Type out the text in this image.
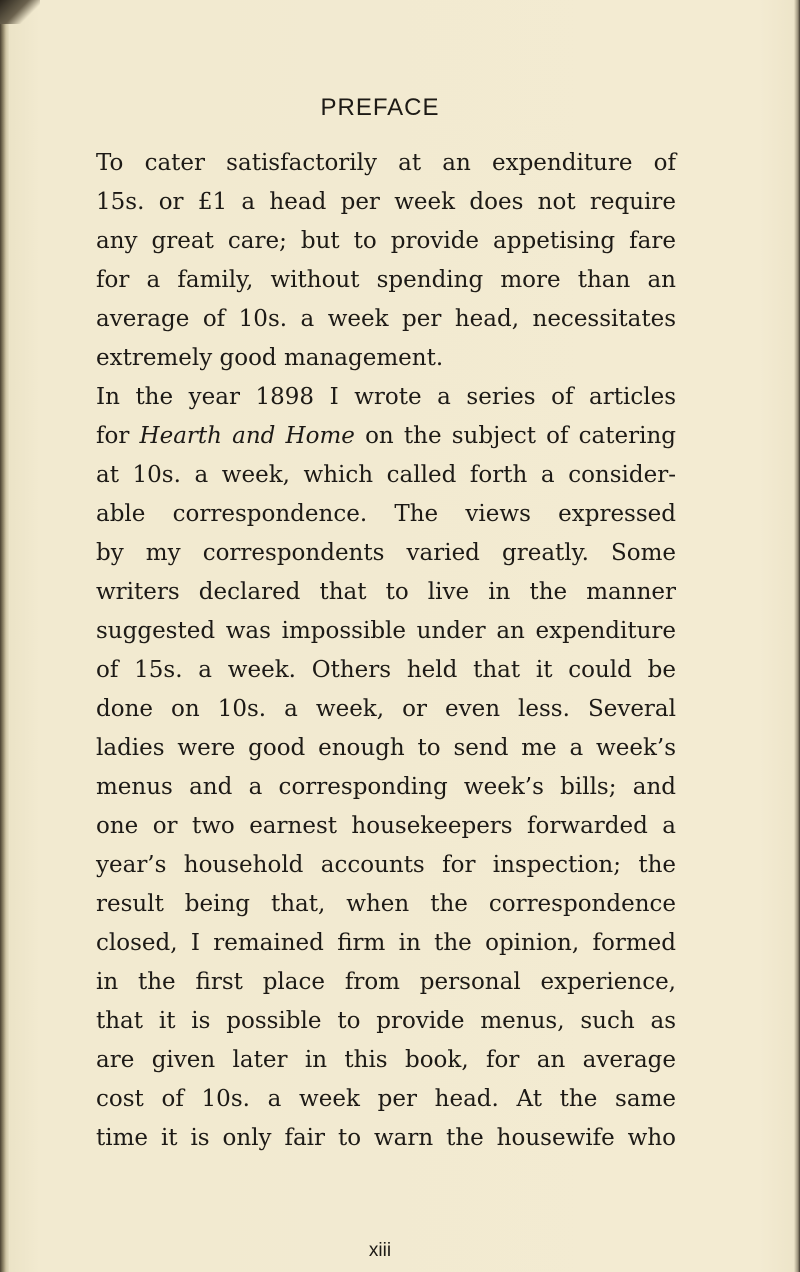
PREFACE
To cater satisfactorily at an expenditure of
15s. or £1 a head per week does not require
any great care; but to provide appetising fare
for a family, without spending more than an
average of 10s. a week per head, necessitates
extremely good management.
In the year 1898 I wrote a series of articles
for Hearth and Home on the subject of catering
at 10s. a week, which called forth a consider-
able correspondence. The views expressed
by my correspondents varied greatly. Some
writers declared that to live in the manner
suggested was impossible under an expenditure
of 15s. a week. Others held that it could be
done on 10s. a week, or even less. Several
ladies were good enough to send me a week’s
menus and a corresponding week’s bills; and
one or two earnest housekeepers forwarded a
year’s household accounts for inspection; the
result being that, when the correspondence
closed, I remained firm in the opinion, formed
in the first place from personal experience,
that it is possible to provide menus, such as
are given later in this book, for an average
cost of 10s. a week per head. At the same
time it is only fair to warn the housewife who
xiii
